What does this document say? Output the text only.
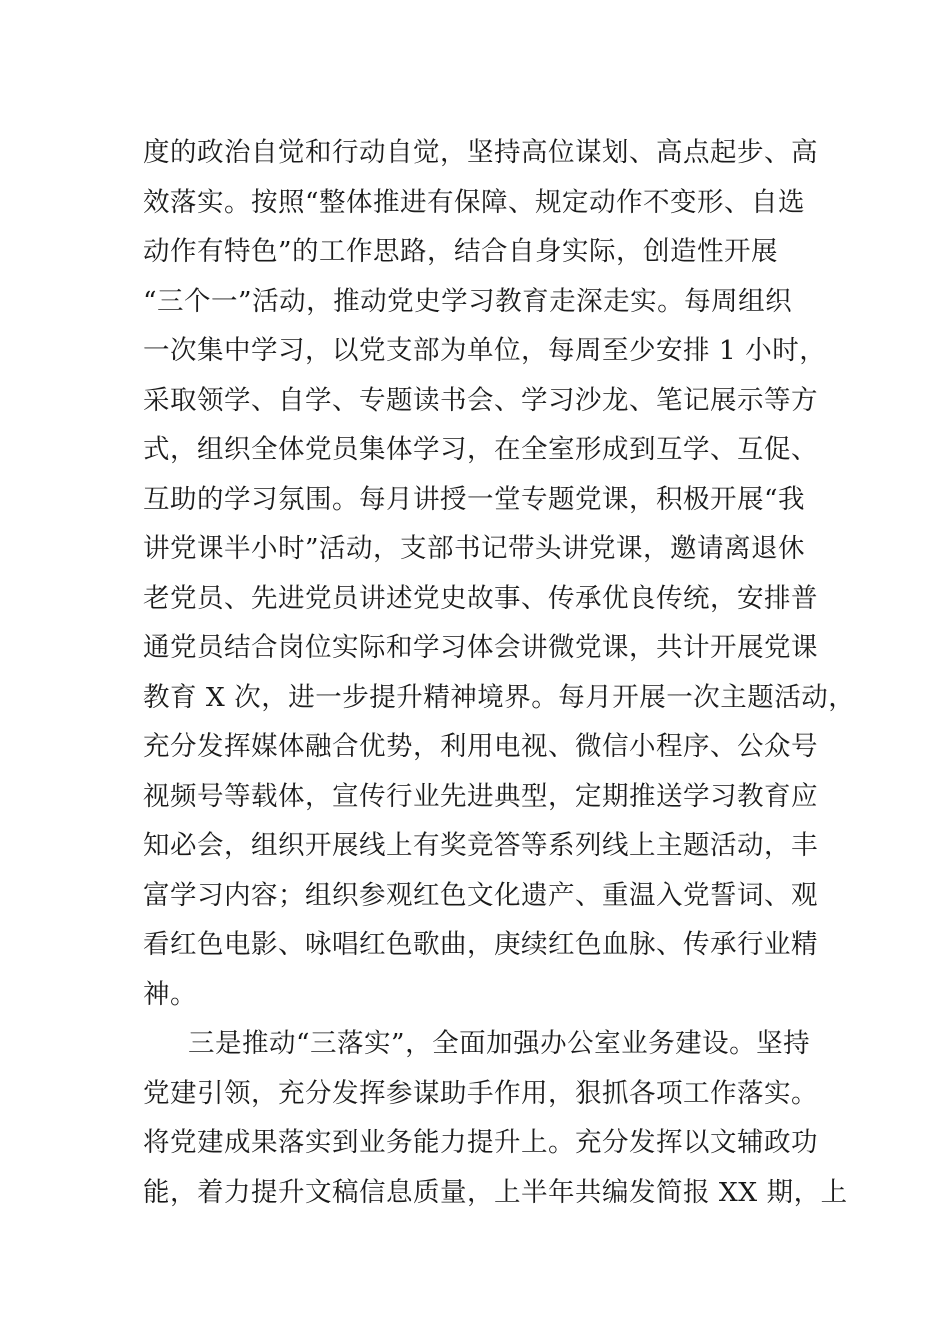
度的政治自觉和行动自觉，坚持高位谋划、高点起步、高
效落实。按照“整体推进有保障、规定动作不变形、自选
动作有特色”的工作思路，结合自身实际，创造性开展
“三个一”活动，推动党史学习教育走深走实。每周组织
一次集中学习，以党支部为单位，每周至少安排 1 小时，
采取领学、自学、专题读书会、学习沙龙、笔记展示等方
式，组织全体党员集体学习，在全室形成到互学、互促、
互助的学习氛围。每月讲授一堂专题党课，积极开展“我
讲党课半小时”活动，支部书记带头讲党课，邀请离退休
老党员、先进党员讲述党史故事、传承优良传统，安排普
通党员结合岗位实际和学习体会讲微党课，共计开展党课
教育 X 次，进一步提升精神境界。每月开展一次主题活动，
充分发挥媒体融合优势，利用电视、微信小程序、公众号
视频号等载体，宣传行业先进典型，定期推送学习教育应
知必会，组织开展线上有奖竞答等系列线上主题活动，丰
富学习内容；组织参观红色文化遗产、重温入党誓词、观
看红色电影、咏唱红色歌曲，庚续红色血脉、传承行业精
神。
三是推动“三落实”，全面加强办公室业务建设。坚持
党建引领，充分发挥参谋助手作用，狠抓各项工作落实。
将党建成果落实到业务能力提升上。充分发挥以文辅政功
能，着力提升文稿信息质量，上半年共编发简报 XX 期，上
